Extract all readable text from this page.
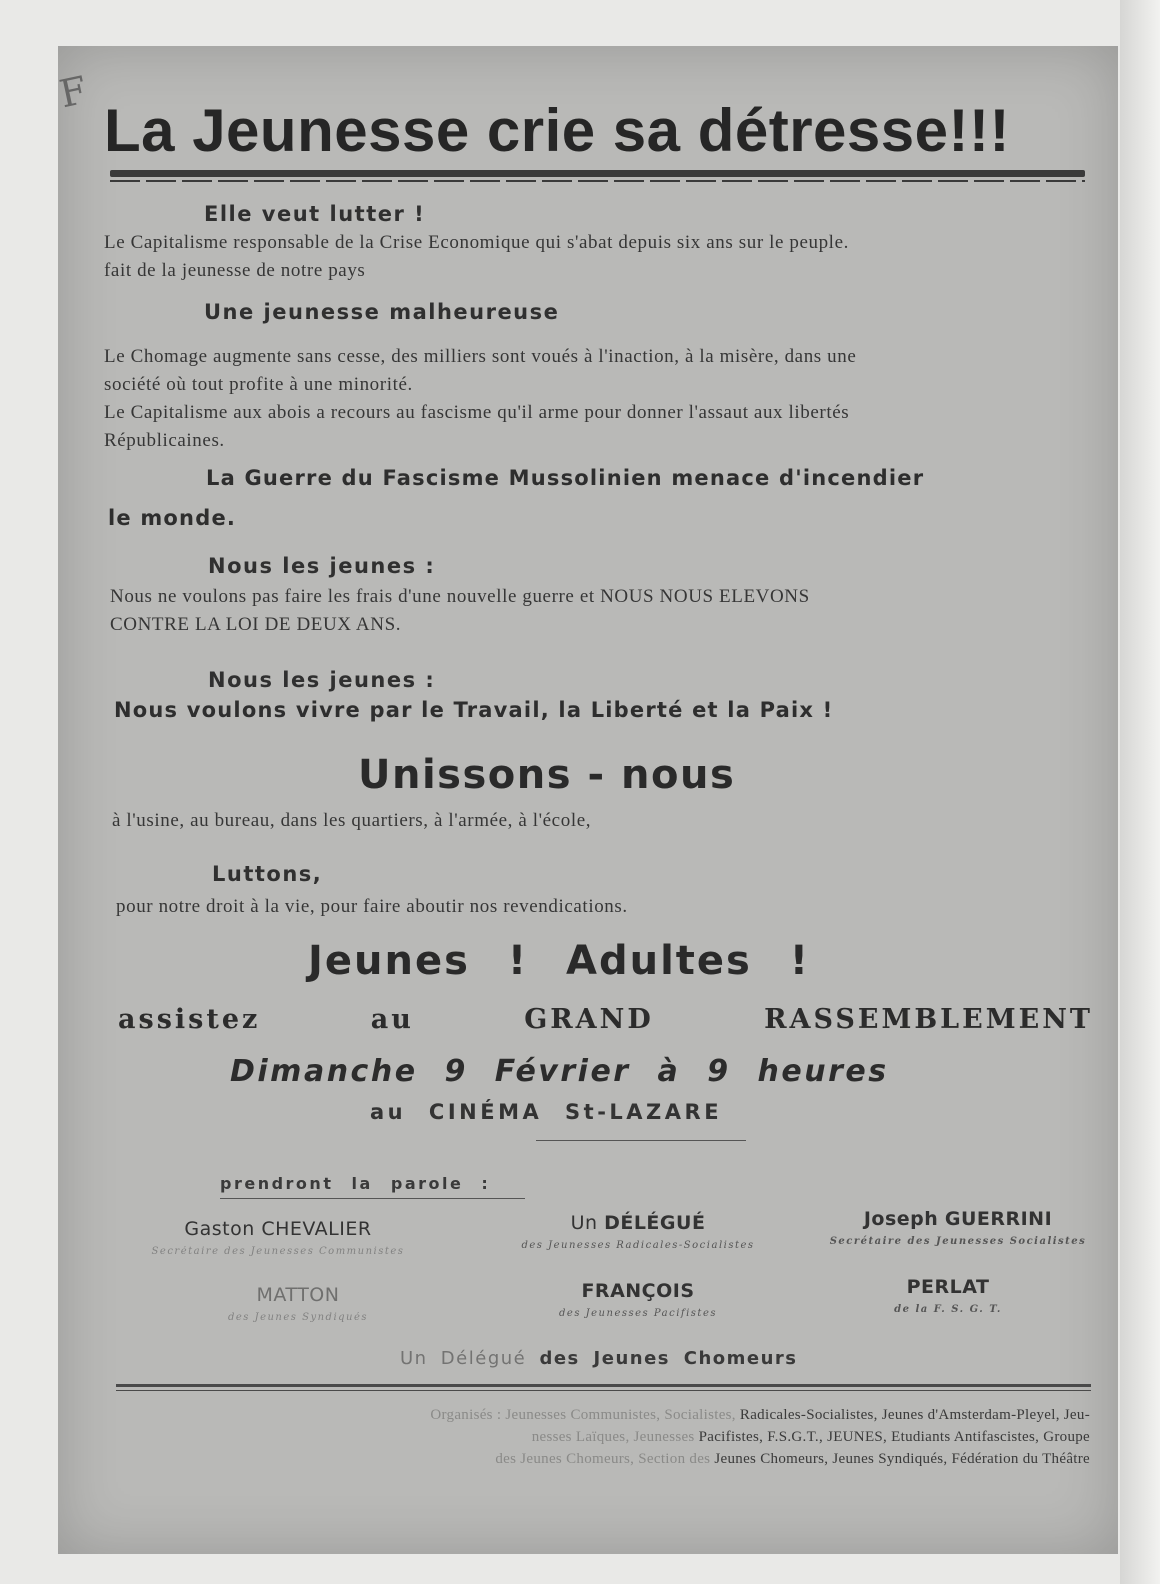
F
La Jeunesse crie sa détresse!!!
Elle veut lutter !
Le Capitalisme responsable de la Crise Economique qui s'abat depuis six ans sur le peuple.
fait de la jeunesse de notre pays
Une jeunesse malheureuse
Le Chomage augmente sans cesse, des milliers sont voués à l'inaction, à la misère, dans une
société où tout profite à une minorité.
Le Capitalisme aux abois a recours au fascisme qu'il arme pour donner l'assaut aux libertés
Républicaines.
La Guerre du Fascisme Mussolinien menace d'incendier
le monde.
Nous les jeunes :
Nous ne voulons pas faire les frais d'une nouvelle guerre et NOUS NOUS ELEVONS
CONTRE LA LOI DE DEUX ANS.
Nous les jeunes :
Nous voulons vivre par le Travail, la Liberté et la Paix !
Unissons - nous
à l'usine, au bureau, dans les quartiers, à l'armée, à l'école,
Luttons,
pour notre droit à la vie, pour faire aboutir nos revendications.
Jeunes ! Adultes !
assistez	au	GRAND	RASSEMBLEMENT
Dimanche 9 Février à 9 heures
au CINÉMA St-LAZARE
prendront la parole :
Gaston CHEVALIER
Secrétaire des Jeunesses Communistes
Un DÉLÉGUÉ
des Jeunesses Radicales-Socialistes
Joseph GUERRINI
Secrétaire des Jeunesses Socialistes
MATTON
des Jeunes Syndiqués
FRANÇOIS
des Jeunesses Pacifistes
PERLAT
de la F. S. G. T.
Un Délégué des Jeunes Chomeurs
Organisés : Jeunesses Communistes, Socialistes, Radicales-Socialistes, Jeunes d'Amsterdam-Pleyel, Jeu-
nesses Laïques, Jeunesses Pacifistes, F.S.G.T., JEUNES, Etudiants Antifascistes, Groupe
des Jeunes Chomeurs, Section des Jeunes Chomeurs, Jeunes Syndiqués, Fédération du Théâtre
